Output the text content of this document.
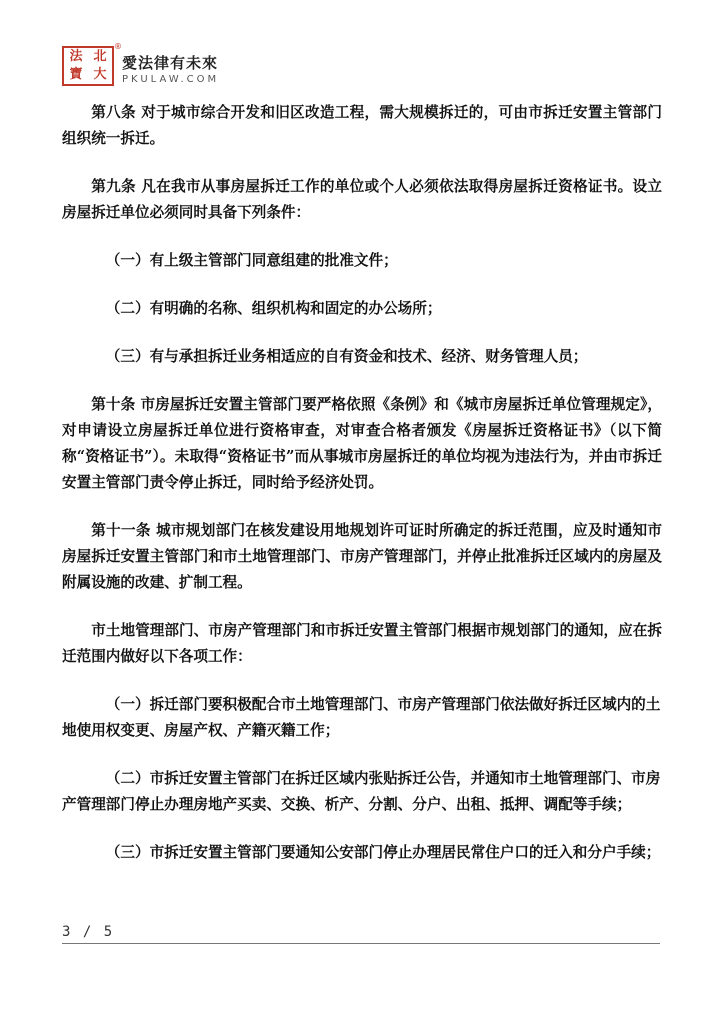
法 北
寶 大
®
愛法律有未來
PKULAW.COM

第八条 对于城市综合开发和旧区改造工程，需大规模拆迁的，可由市拆迁安置主管部门组织统一拆迁。

第九条 凡在我市从事房屋拆迁工作的单位或个人必须依法取得房屋拆迁资格证书。设立房屋拆迁单位必须同时具备下列条件：

（一）有上级主管部门同意组建的批准文件；

（二）有明确的名称、组织机构和固定的办公场所；

（三）有与承担拆迁业务相适应的自有资金和技术、经济、财务管理人员；

第十条 市房屋拆迁安置主管部门要严格依照《条例》和《城市房屋拆迁单位管理规定》，对申请设立房屋拆迁单位进行资格审查，对审查合格者颁发《房屋拆迁资格证书》（以下简称“资格证书”）。未取得“资格证书”而从事城市房屋拆迁的单位均视为违法行为，并由市拆迁安置主管部门责令停止拆迁，同时给予经济处罚。

第十一条 城市规划部门在核发建设用地规划许可证时所确定的拆迁范围，应及时通知市房屋拆迁安置主管部门和市土地管理部门、市房产管理部门，并停止批准拆迁区域内的房屋及附属设施的改建、扩制工程。

市土地管理部门、市房产管理部门和市拆迁安置主管部门根据市规划部门的通知，应在拆迁范围内做好以下各项工作：

（一）拆迁部门要积极配合市土地管理部门、市房产管理部门依法做好拆迁区域内的土地使用权变更、房屋产权、产籍灭籍工作；

（二）市拆迁安置主管部门在拆迁区域内张贴拆迁公告，并通知市土地管理部门、市房产管理部门停止办理房地产买卖、交换、析产、分割、分户、出租、抵押、调配等手续；

（三）市拆迁安置主管部门要通知公安部门停止办理居民常住户口的迁入和分户手续；

3 / 5
